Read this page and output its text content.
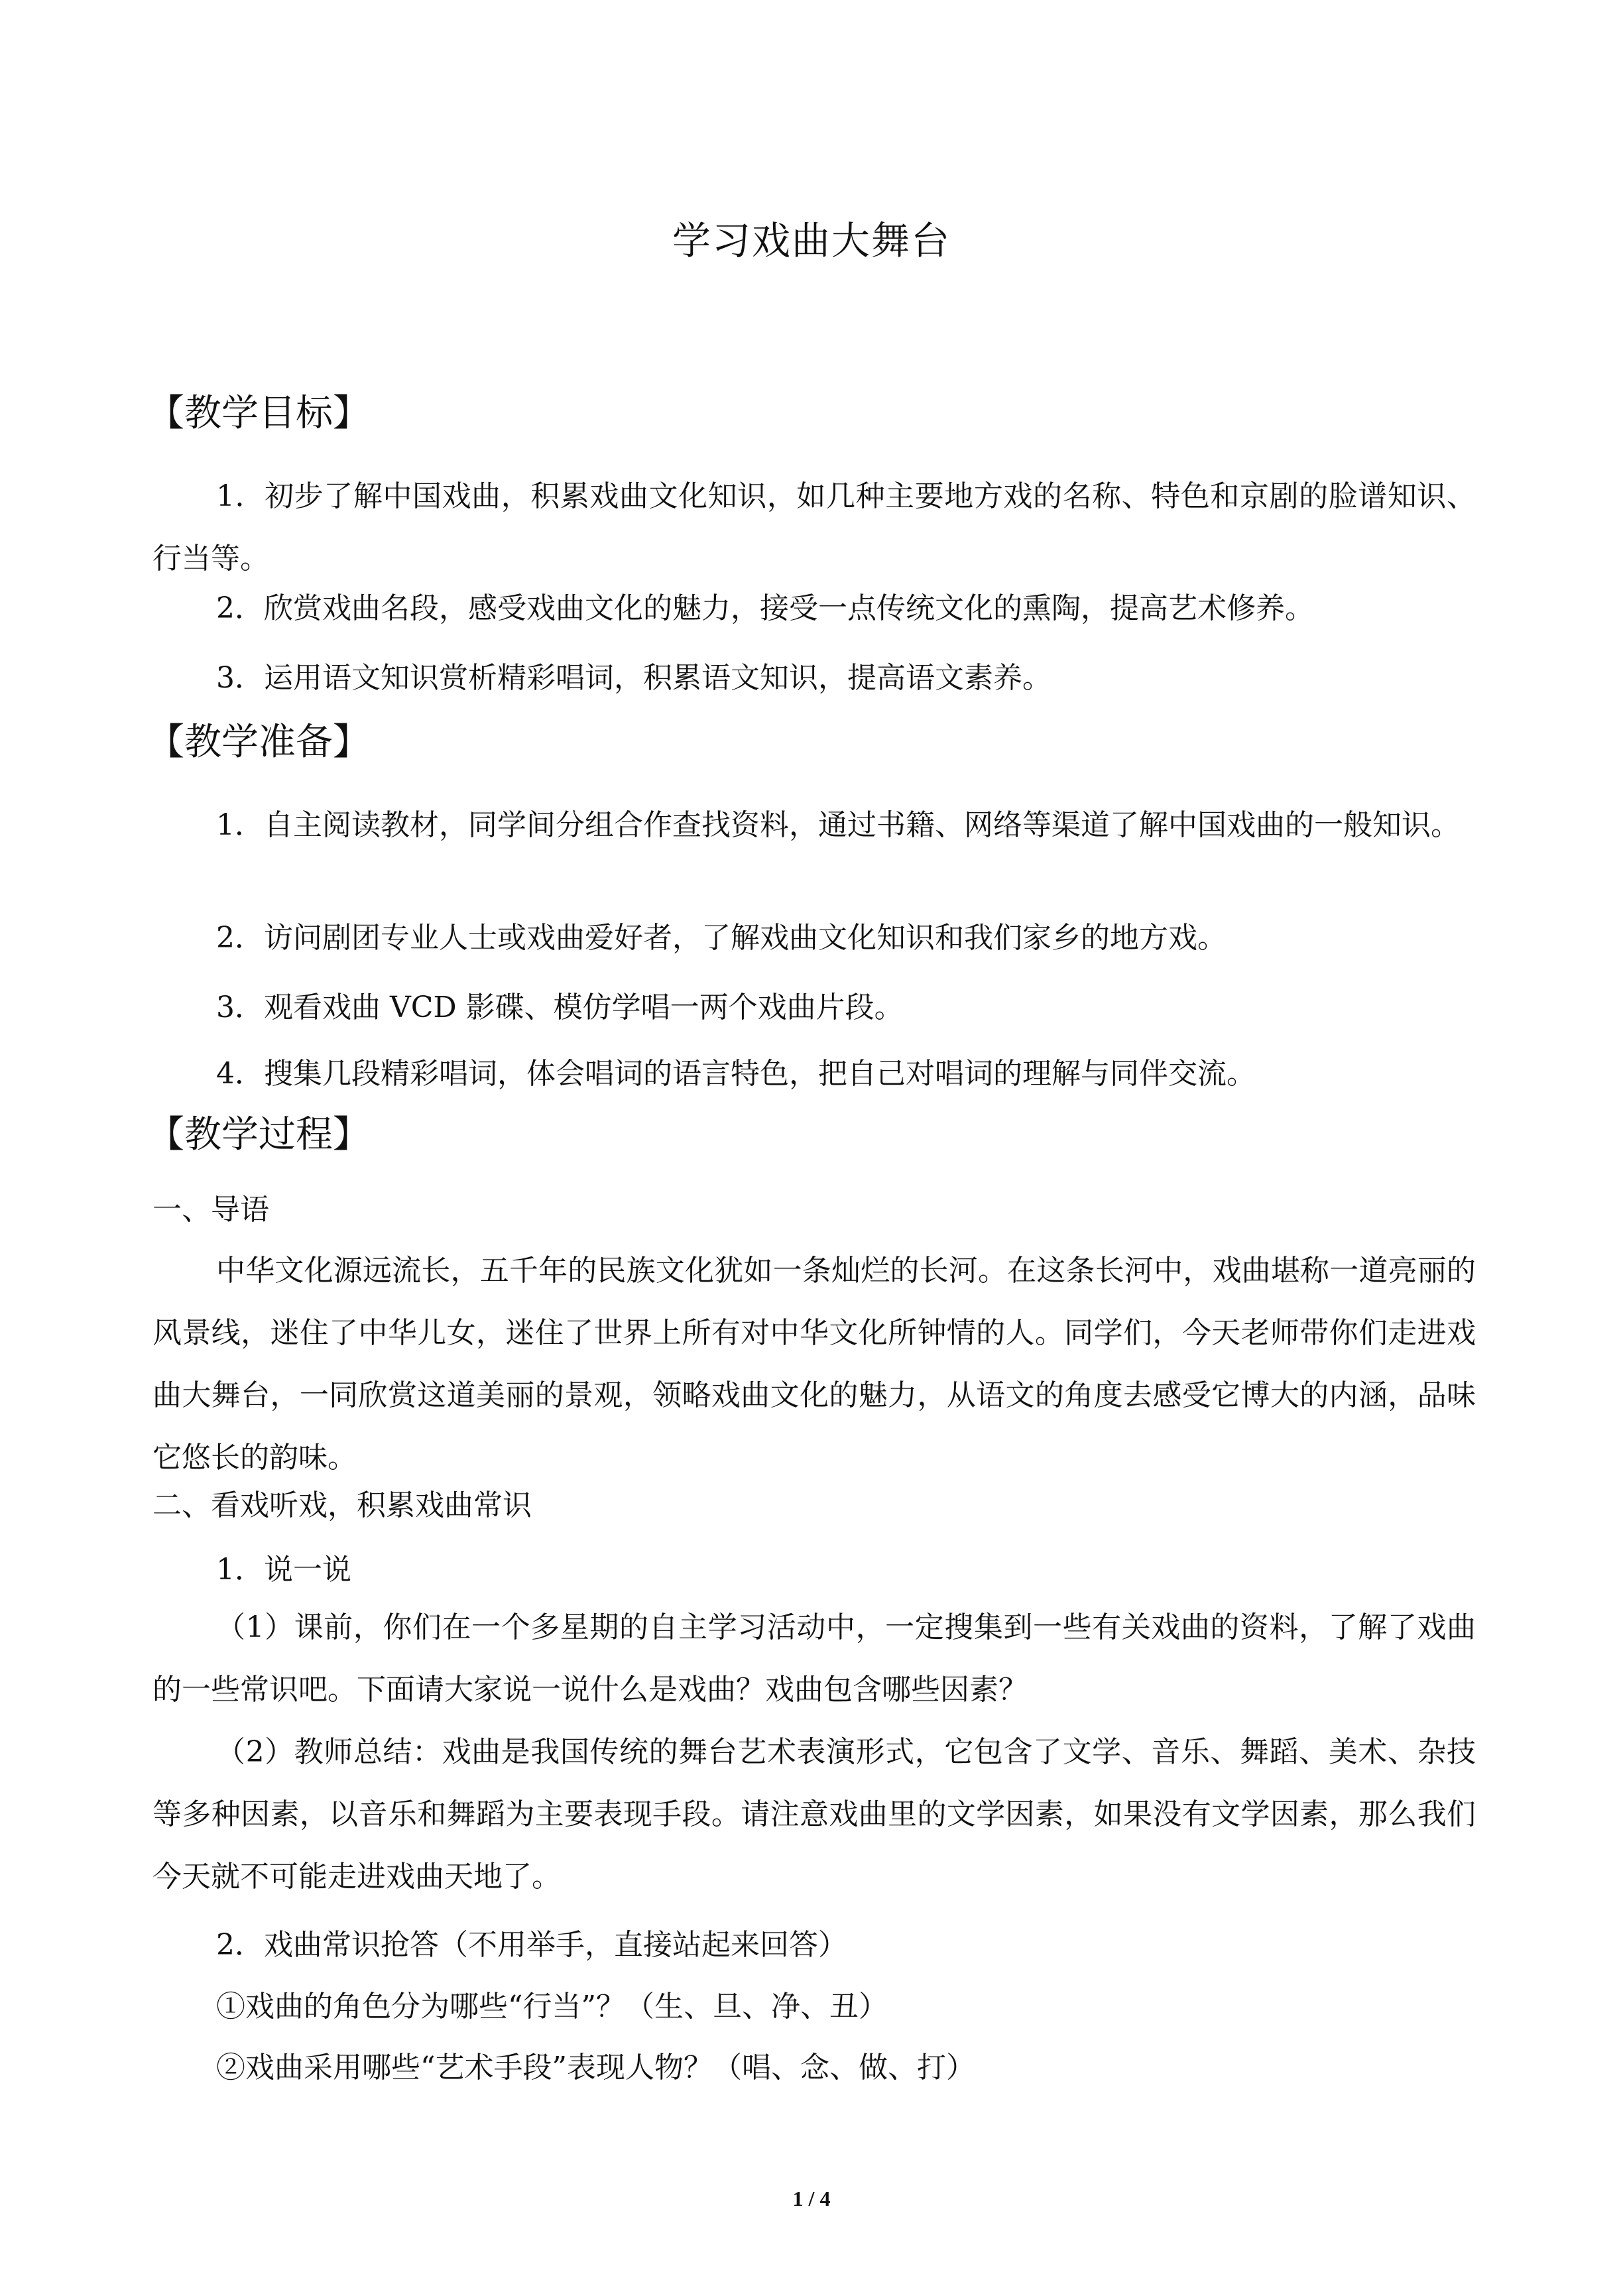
学习戏曲大舞台
【教学目标】

1．初步了解中国戏曲，积累戏曲文化知识，如几种主要地方戏的名称、特色和京剧的脸谱知识、行当等。

2．欣赏戏曲名段，感受戏曲文化的魅力，接受一点传统文化的熏陶，提高艺术修养。
3．运用语文知识赏析精彩唱词，积累语文知识，提高语文素养。
【教学准备】

1．自主阅读教材，同学间分组合作查找资料，通过书籍、网络等渠道了解中国戏曲的一般知识。

2．访问剧团专业人士或戏曲爱好者，了解戏曲文化知识和我们家乡的地方戏。
3．观看戏曲 VCD 影碟、模仿学唱一两个戏曲片段。
4．搜集几段精彩唱词，体会唱词的语言特色，把自己对唱词的理解与同伴交流。
【教学过程】
一、导语

中华文化源远流长，五千年的民族文化犹如一条灿烂的长河。在这条长河中，戏曲堪称一道亮丽的风景线，迷住了中华儿女，迷住了世界上所有对中华文化所钟情的人。同学们，今天老师带你们走进戏曲大舞台，一同欣赏这道美丽的景观，领略戏曲文化的魅力，从语文的角度去感受它博大的内涵，品味它悠长的韵味。

二、看戏听戏，积累戏曲常识
1．说一说

（1）课前，你们在一个多星期的自主学习活动中，一定搜集到一些有关戏曲的资料，了解了戏曲的一些常识吧。下面请大家说一说什么是戏曲？戏曲包含哪些因素？

（2）教师总结：戏曲是我国传统的舞台艺术表演形式，它包含了文学、音乐、舞蹈、美术、杂技等多种因素，以音乐和舞蹈为主要表现手段。请注意戏曲里的文学因素，如果没有文学因素，那么我们今天就不可能走进戏曲天地了。

2．戏曲常识抢答（不用举手，直接站起来回答）
①戏曲的角色分为哪些“行当”？（生、旦、净、丑）
②戏曲采用哪些“艺术手段”表现人物？（唱、念、做、打）
1 / 4
